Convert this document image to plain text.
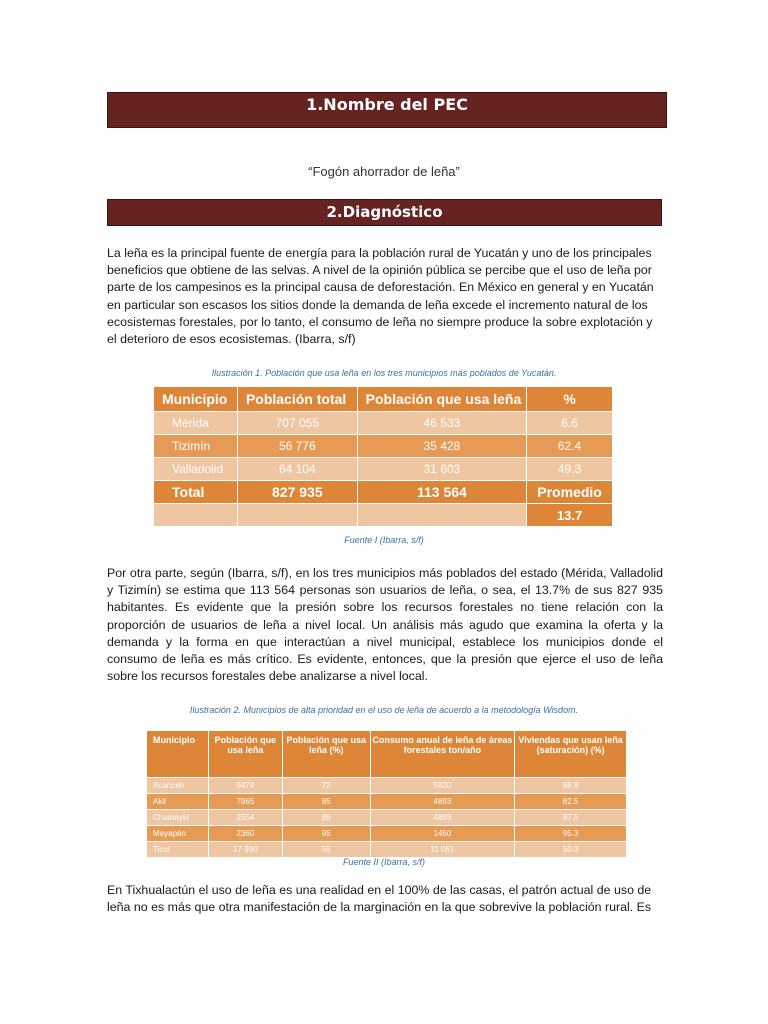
1.Nombre del PEC
“Fogón ahorrador de leña”
2.Diagnóstico
La leña es la principal fuente de energía para la población rural de Yucatán y uno de los principales beneficios que obtiene de las selvas. A nivel de la opinión pública se percibe que el uso de leña por parte de los campesinos es la principal causa de deforestación. En México en general y en Yucatán en particular son escasos los sitios donde la demanda de leña excede el incremento natural de los ecosistemas forestales, por lo tanto, el consumo de leña no siempre produce la sobre explotación y el deterioro de esos ecosistemas. (Ibarra, s/f)
Ilustración 1. Población que usa leña en los tres municipios más poblados de Yucatán.
Municipio	Población total	Población que usa leña	%
Mérida	707 055	46 533	6.6
Tizimín	56 776	35 428	62.4
Valladolid	64 104	31 603	49.3
Total	827 935	113 564	Promedio
			13.7
Fuente I (Ibarra, s/f)
Por otra parte, según (Ibarra, s/f), en los tres municipios más poblados del estado (Mérida, Valladolid y Tizimín) se estima que 113 564 personas son usuarios de leña, o sea, el 13.7% de sus 827 935 habitantes. Es evidente que la presión sobre los recursos forestales no tiene relación con la proporción de usuarios de leña a nivel local. Un análisis más agudo que examina la oferta y la demanda y la forma en que interactúan a nivel municipal, establece los municipios donde el consumo de leña es más crítico. Es evidente, entonces, que la presión que ejerce el uso de leña sobre los recursos forestales debe analizarse a nivel local.
Ilustración 2. Municipios de alta prioridad en el uso de leña de acuerdo a la metodología Wisdom.
Municipio	Población que usa leña	Población que usa leña (%)	Consumo anual de leña de áreas forestales ton/año	Viviendas que usan leña (saturación) (%)
Acanceh	9474	72	5820	69.8
Akil	7965	85	4893	82.5
Chumayel	2554	89	4893	87.5
Mayapán	2360	95	1450	95.3
Ticul	17 990	55	11 051	50.3
Fuente II (Ibarra, s/f)
En Tixhualactún el uso de leña es una realidad en el 100% de las casas, el patrón actual de uso de leña no es más que otra manifestación de la marginación en la que sobrevive la población rural. Es
